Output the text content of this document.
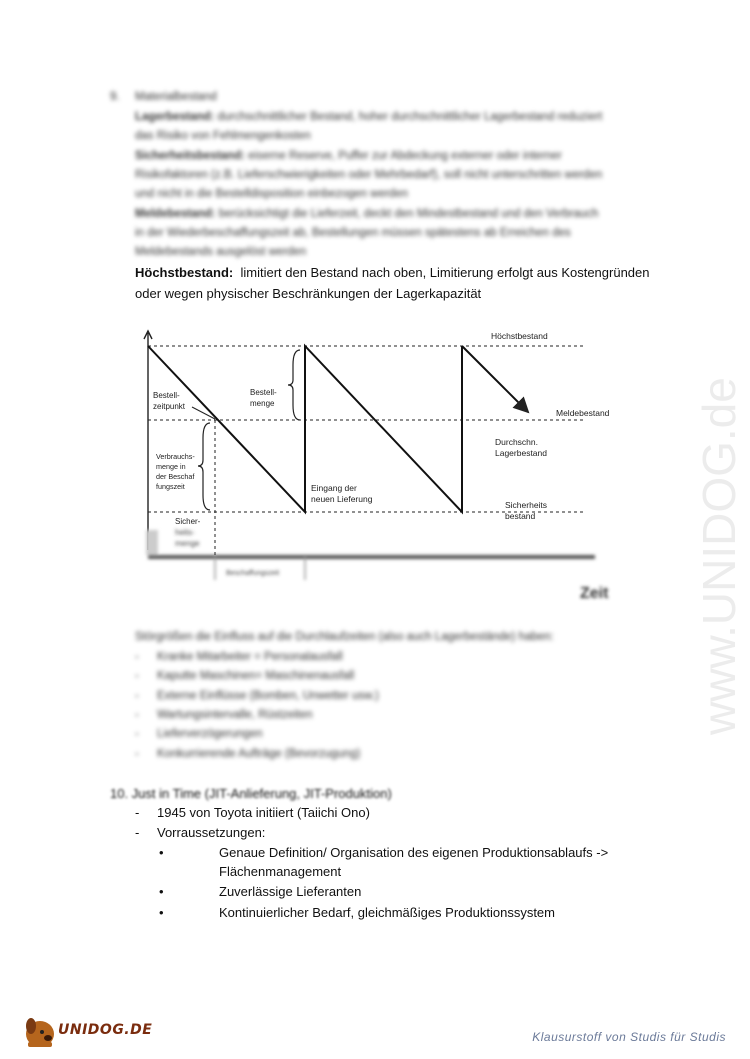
9. Materialbestand
Lagerbestand: durchschnittlicher Bestand, hoher durchschnittlicher Lagerbestand reduziert
das Risiko von Fehlmengenkosten
Sicherheitsbestand: eiserne Reserve, Puffer zur Abdeckung externer oder interner
Risikofaktoren (z.B. Lieferschwierigkeiten oder Mehrbedarf), soll nicht unterschritten werden
und nicht in die Bestelldisposition einbezogen werden
Meldebestand: berücksichtigt die Lieferzeit, deckt den Mindestbestand und den Verbrauch
in der Wiederbeschaffungszeit ab, Bestellungen müssen spätestens ab Erreichen des
Meldebestands ausgelöst werden
Höchstbestand: limitiert den Bestand nach oben, Limitierung erfolgt aus Kostengründen
oder wegen physischer Beschränkungen der Lagerkapazität
Höchstbestand
Meldebestand
Durchschn.
Lagerbestand
Sicherheits
bestand
Bestell-
menge
Bestell-
zeitpunkt
Verbrauchs-
menge in
der Beschaf
fungszeit	Eingang der
neuen Lieferung
Sicher-
heits-
menge
Beschaffungszeit
Zeit
Störgrößen die Einfluss auf die Durchlaufzeiten (also auch Lagerbestände) haben:
- Kranke Mitarbeiter = Personalausfall
- Kaputte Maschinen= Maschinenausfall
- Externe Einflüsse (Bomben, Unwetter usw.)
- Wartungsintervalle, Rüstzeiten
- Lieferverzögerungen
- Konkurrierende Aufträge (Bevorzugung)
10. Just in Time (JIT-Anlieferung, JIT-Produktion)
- 1945 von Toyota initiiert (Taiichi Ono)
- Vorraussetzungen:
•	Genaue Definition/ Organisation des eigenen Produktionsablaufs ->
Flächenmanagement
•	Zuverlässige Lieferanten
•	Kontinuierlicher Bedarf, gleichmäßiges Produktionssystem
www.UNIDOG.de
UNIDOG.DE	Klausurstoff von Studis für Studis
